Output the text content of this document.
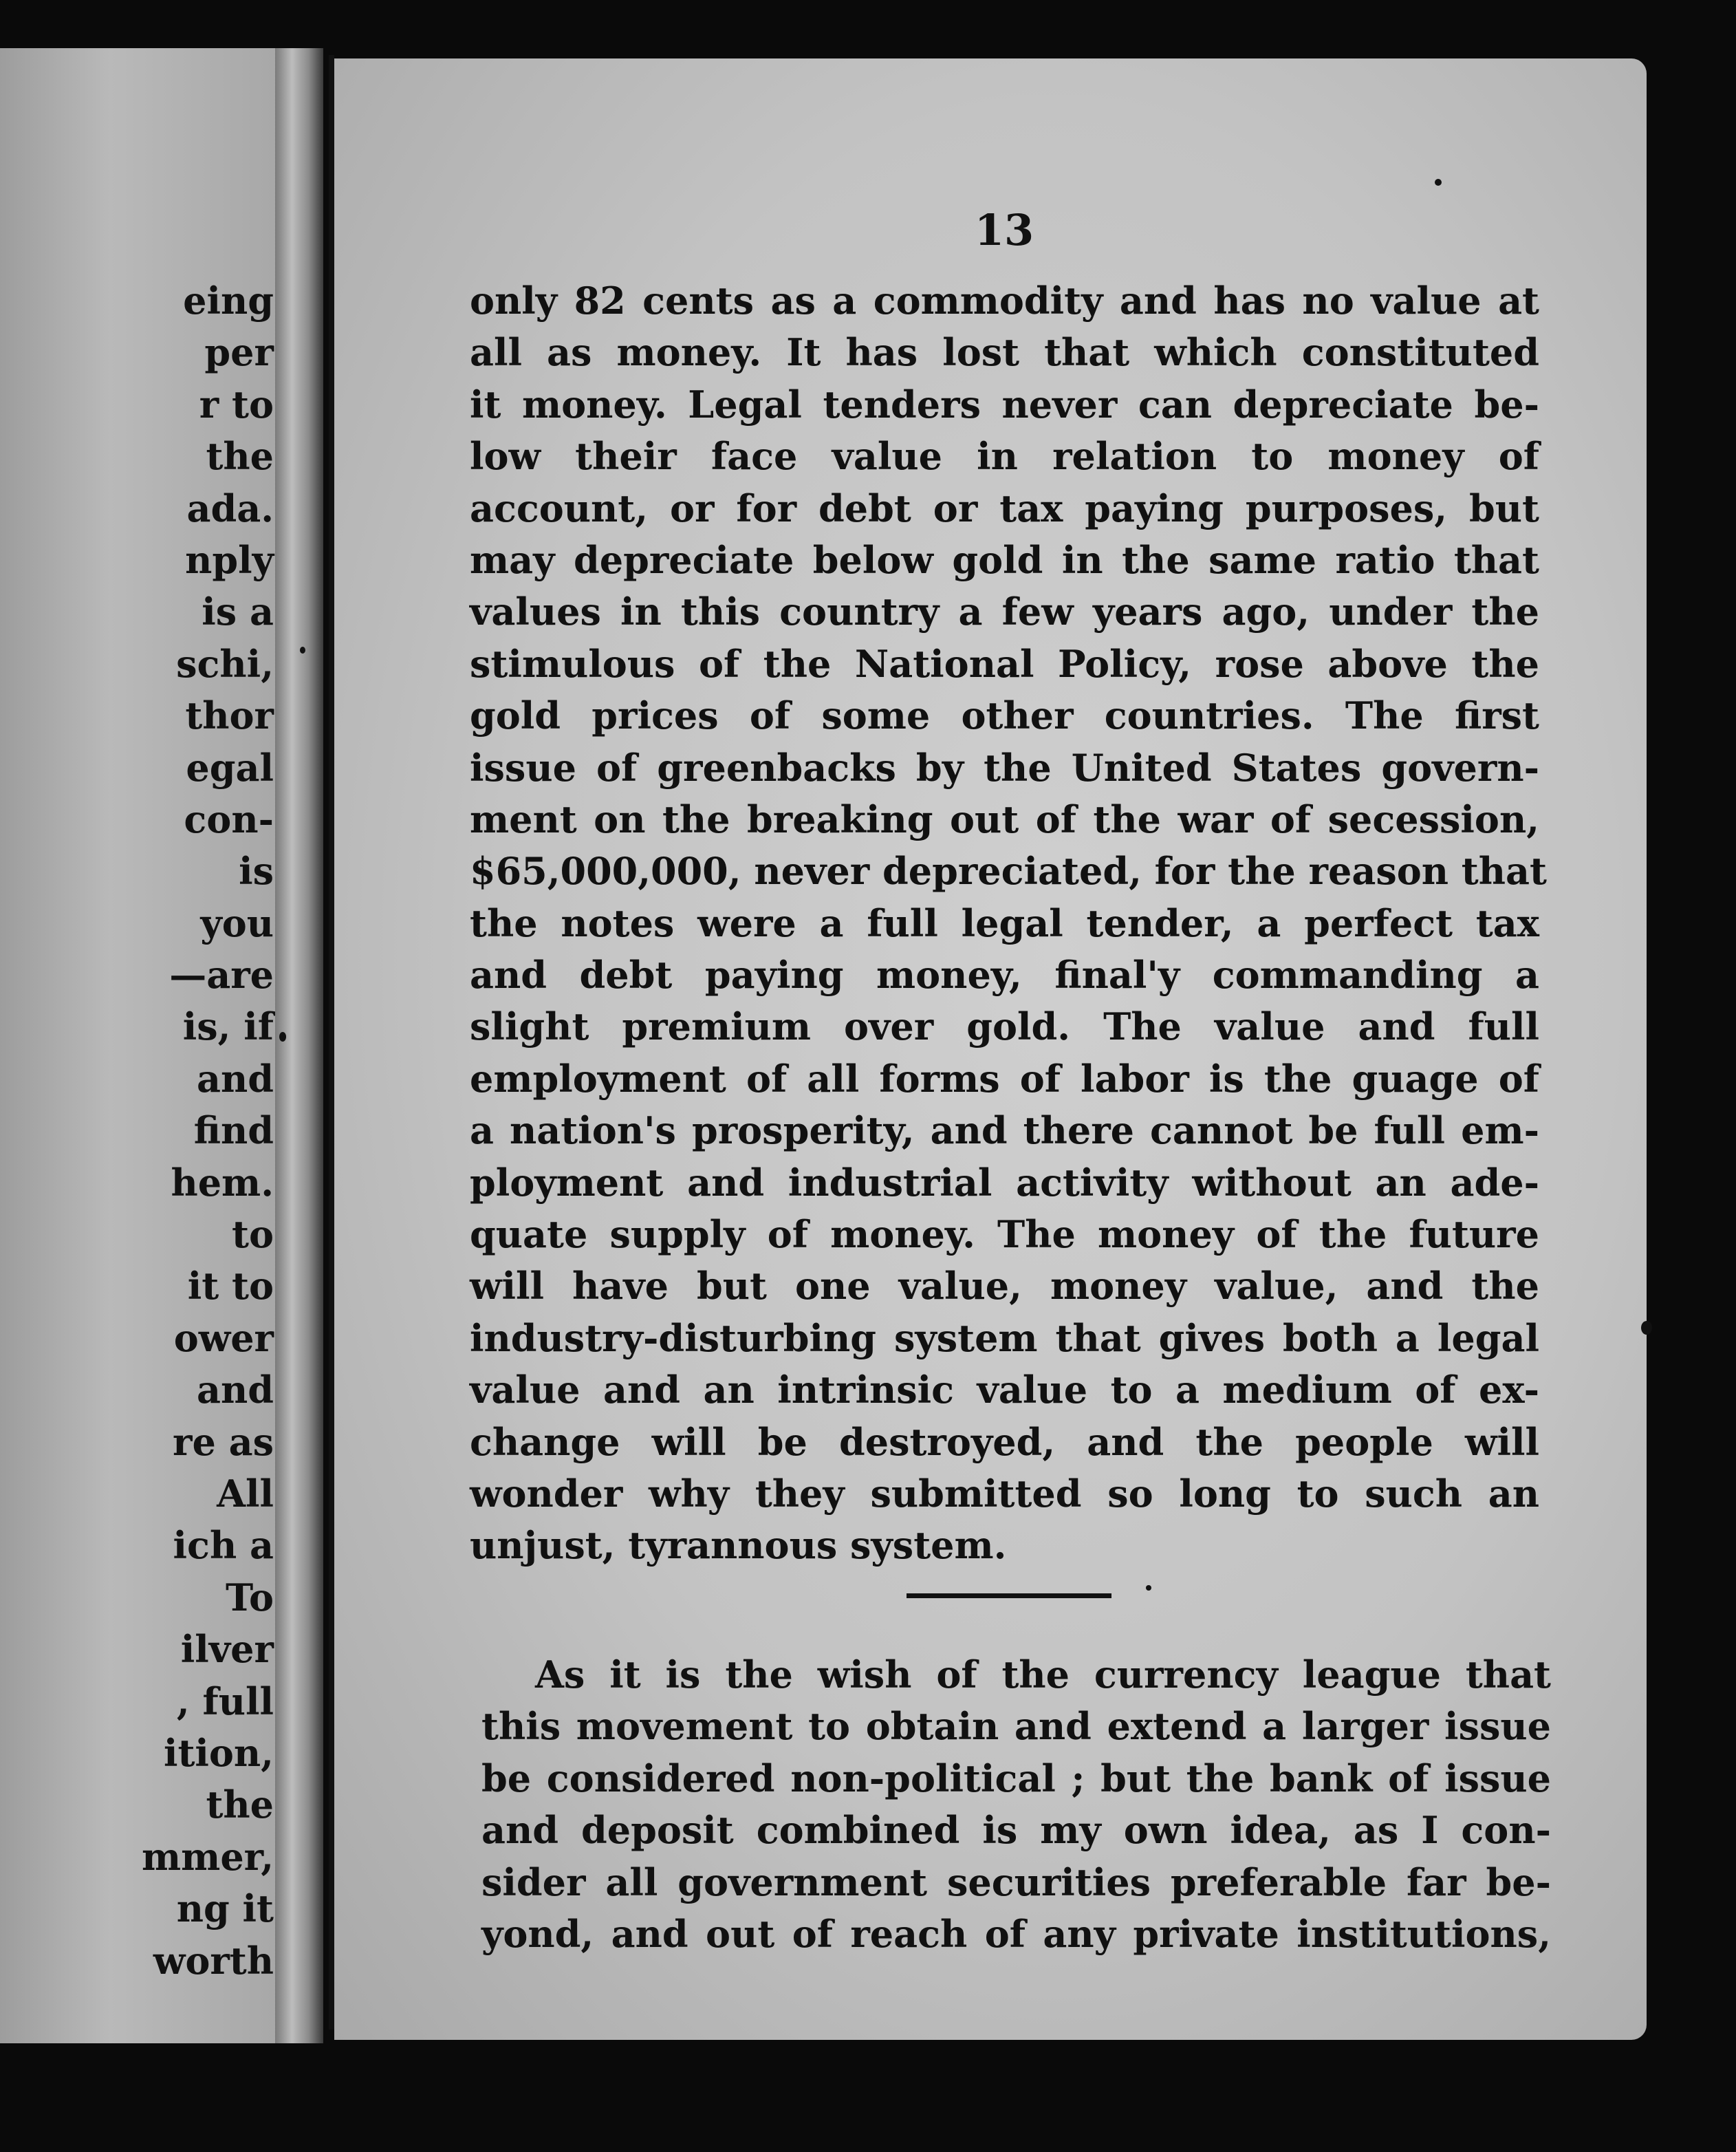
eing
per
r to
the
ada.
nply
is a
schi,
thor
egal
con-
is
you
—are
is, if
and
find
hem.
to
it to
ower
and
re as
All
ich a
To
ilver
, full
ition,
the
mmer,
ng it
worth
13
only 82 cents as a commodity and has no value at
all as money. It has lost that which constituted
it money. Legal tenders never can depreciate be-
low their face value in relation to money of
account, or for debt or tax paying purposes, but
may depreciate below gold in the same ratio that
values in this country a few years ago, under the
stimulous of the National Policy, rose above the
gold prices of some other countries. The first
issue of greenbacks by the United States govern-
ment on the breaking out of the war of secession,
$65,000,000, never depreciated, for the reason that
the notes were a full legal tender, a perfect tax
and debt paying money, final'y commanding a
slight premium over gold. The value and full
employment of all forms of labor is the guage of
a nation's prosperity, and there cannot be full em-
ployment and industrial activity without an ade-
quate supply of money. The money of the future
will have but one value, money value, and the
industry-disturbing system that gives both a legal
value and an intrinsic value to a medium of ex-
change will be destroyed, and the people will
wonder why they submitted so long to such an
unjust, tyrannous system.
As it is the wish of the currency league that
this movement to obtain and extend a larger issue
be considered non-political ; but the bank of issue
and deposit combined is my own idea, as I con-
sider all government securities preferable far be-
yond, and out of reach of any private institutions,
